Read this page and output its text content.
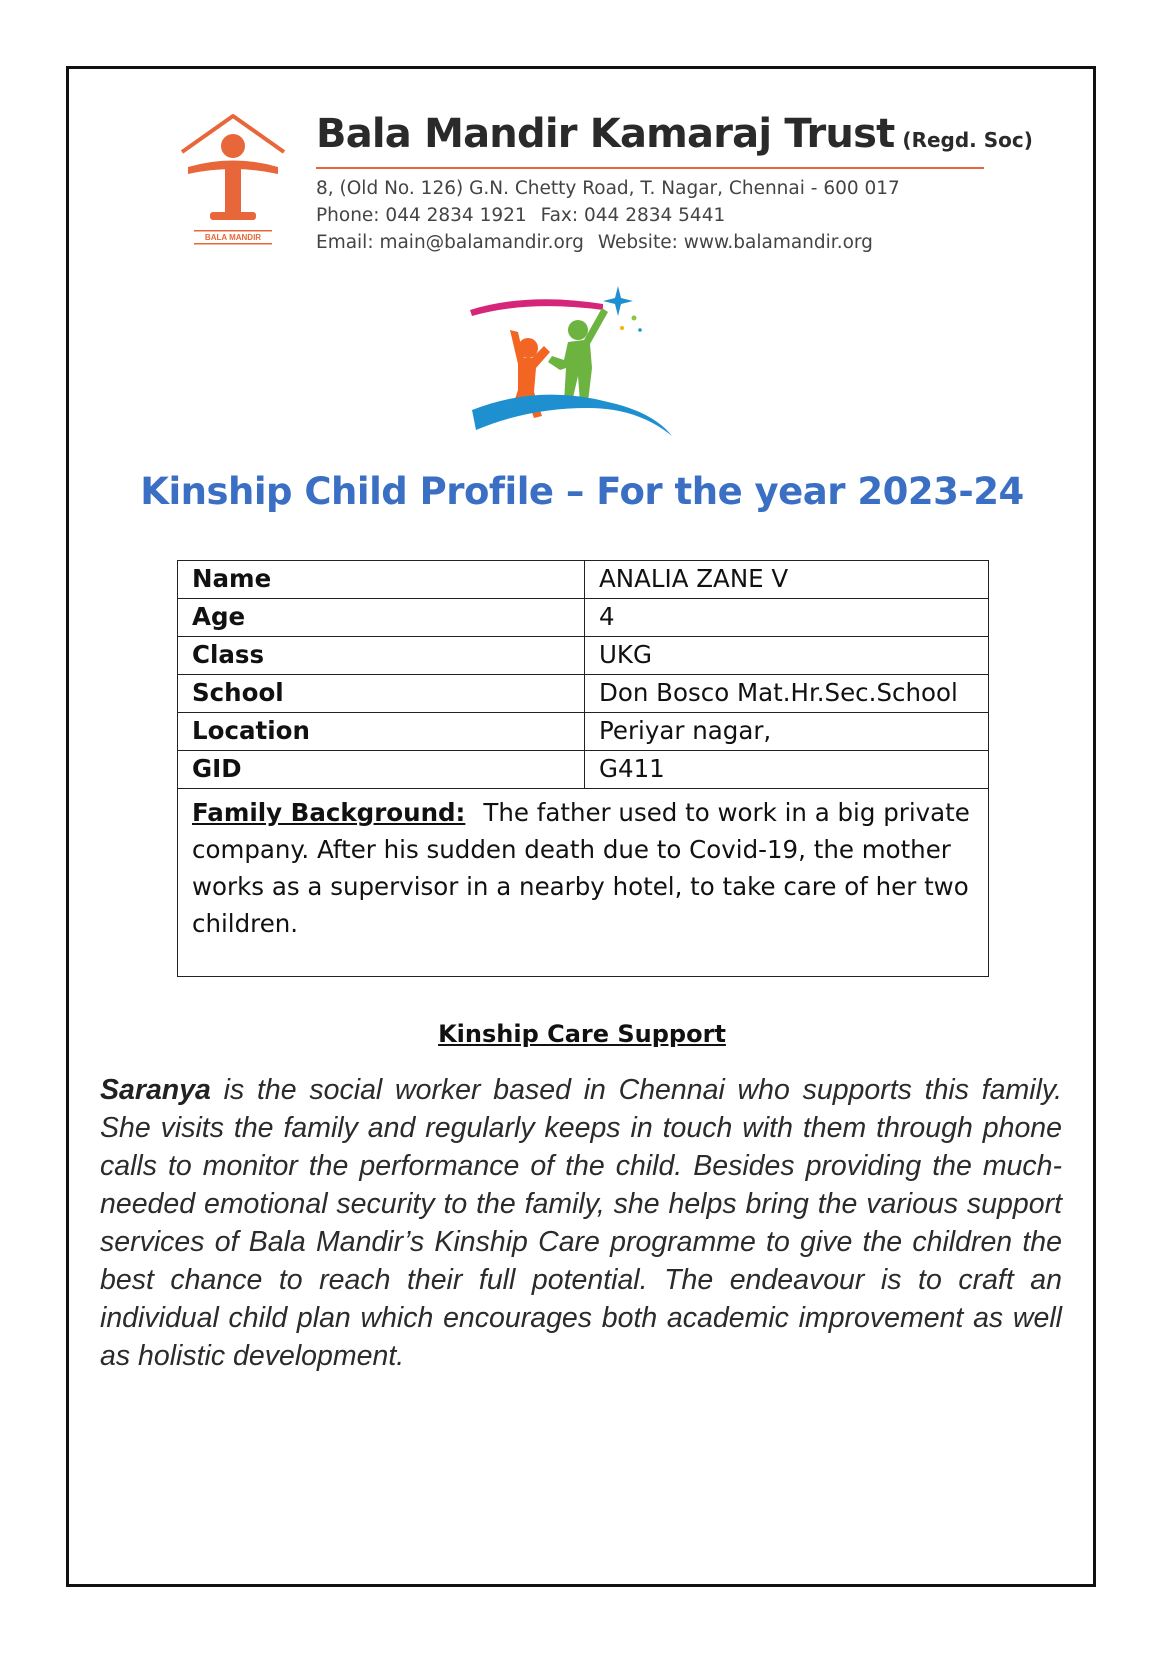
BALA MANDIR
Bala Mandir Kamaraj Trust (Regd. Soc)
8, (Old No. 126) G.N. Chetty Road, T. Nagar, Chennai - 600 017
Phone: 044 2834 1921 Fax: 044 2834 5441
Email: main@balamandir.org Website: www.balamandir.org
Kinship Child Profile – For the year 2023-24
Name	ANALIA ZANE V
Age	4
Class	UKG
School	Don Bosco Mat.Hr.Sec.School
Location	Periyar nagar,
GID	G411
Family Background: The father used to work in a big private company. After his sudden death due to Covid-19, the mother works as a supervisor in a nearby hotel, to take care of her two children.	
Kinship Care Support

Saranya is the social worker based in Chennai who supports this family. She visits the family and regularly keeps in touch with them through phone calls to monitor the performance of the child. Besides providing the much-needed emotional security to the family, she helps bring the various support services of Bala Mandir’s Kinship Care programme to give the children the best chance to reach their full potential. The endeavour is to craft an individual child plan which encourages both academic improvement as well as holistic development.
